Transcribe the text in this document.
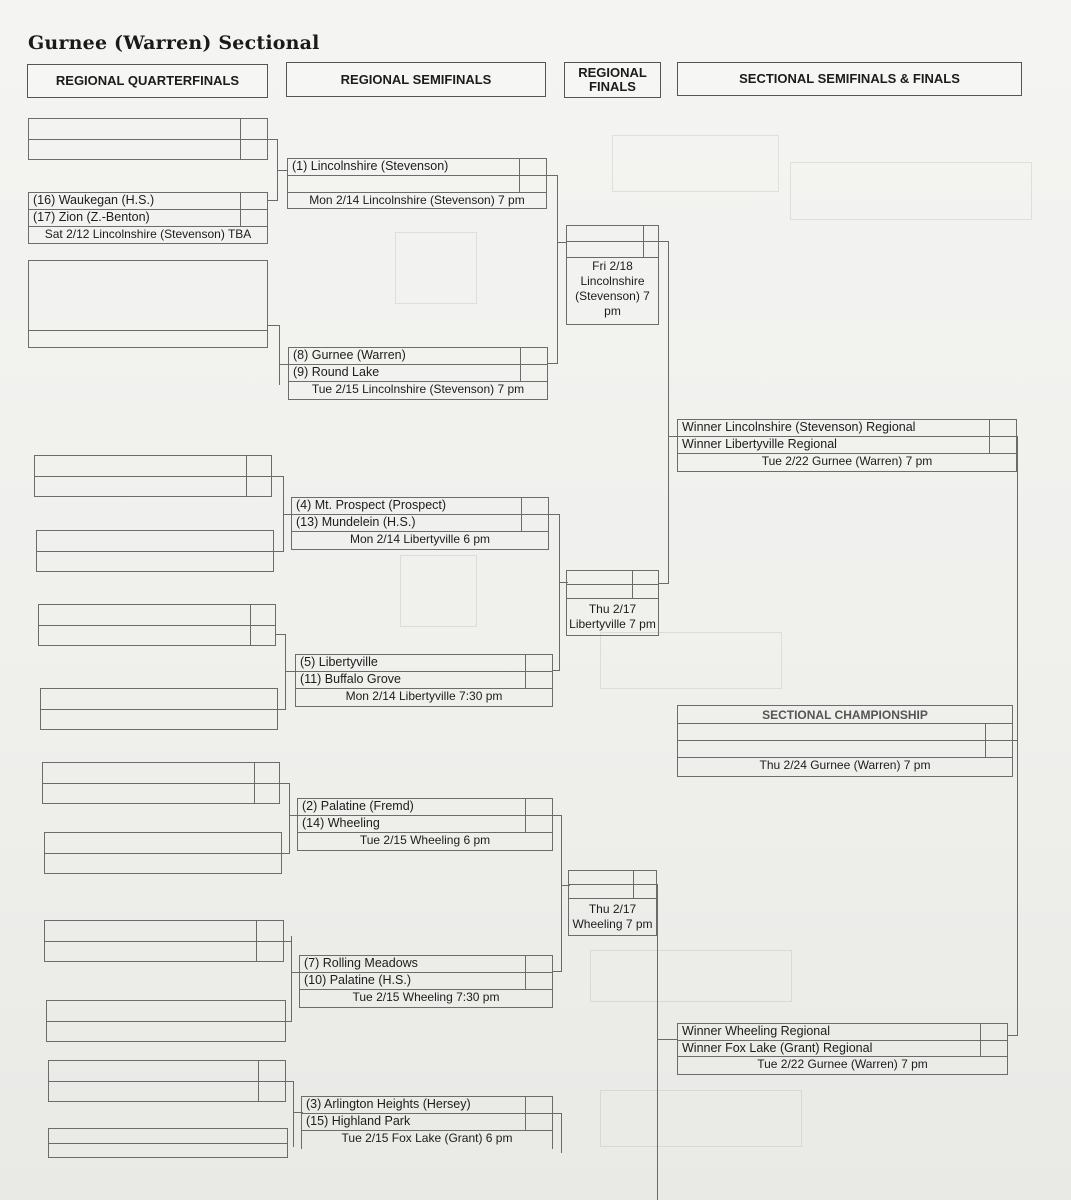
Gurnee (Warren) Sectional
REGIONAL QUARTERFINALS	REGIONAL SEMIFINALS	REGIONAL
FINALS
SECTIONAL SEMIFINALS & FINALS
(16) Waukegan (H.S.)
(17) Zion (Z.-Benton)
Sat 2/12 Lincolnshire (Stevenson) TBA
(1) Lincolnshire (Stevenson)
Mon 2/14 Lincolnshire (Stevenson) 7 pm
(8) Gurnee (Warren)
(9) Round Lake
Tue 2/15 Lincolnshire (Stevenson) 7 pm
(4) Mt. Prospect (Prospect)
(13) Mundelein (H.S.)
Mon 2/14 Libertyville 6 pm
(5) Libertyville
(11) Buffalo Grove
Mon 2/14 Libertyville 7:30 pm
(2) Palatine (Fremd)
(14) Wheeling
Tue 2/15 Wheeling 6 pm
(7) Rolling Meadows
(10) Palatine (H.S.)
Tue 2/15 Wheeling 7:30 pm
(3) Arlington Heights (Hersey)
(15) Highland Park
Tue 2/15 Fox Lake (Grant) 6 pm
Fri 2/18
Lincolnshire
(Stevenson) 7
pm
Thu 2/17
Libertyville 7 pm
Thu 2/17
Wheeling 7 pm
Winner Lincolnshire (Stevenson) Regional
Winner Libertyville Regional
Tue 2/22 Gurnee (Warren) 7 pm
SECTIONAL CHAMPIONSHIP
Thu 2/24 Gurnee (Warren) 7 pm
Winner Wheeling Regional
Winner Fox Lake (Grant) Regional
Tue 2/22 Gurnee (Warren) 7 pm
